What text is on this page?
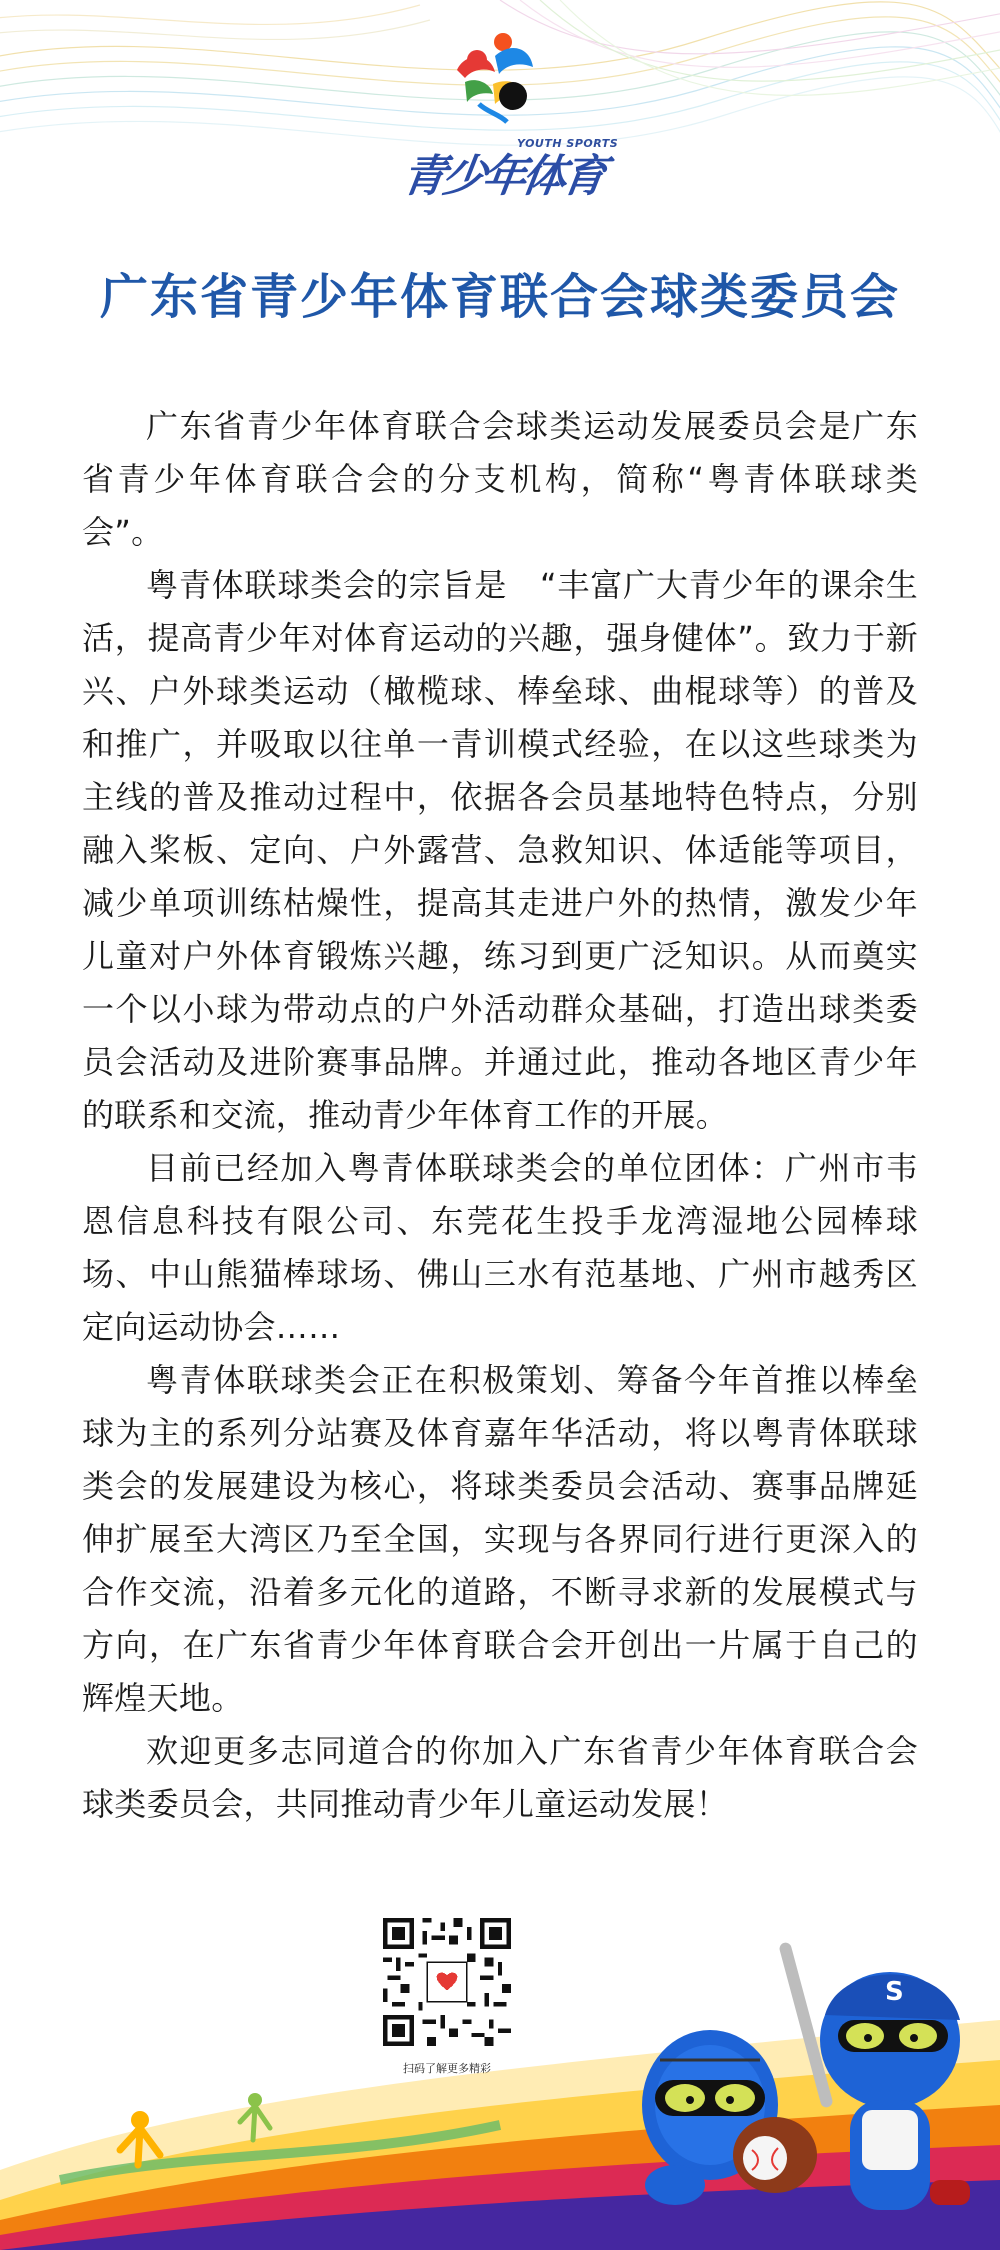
YOUTH SPORTS
青少年体育
广东省青少年体育联合会球类委员会

广东省青少年体育联合会球类运动发展委员会是广东省青少年体育联合会的分支机构，简称“粤青体联球类会”。

粤青体联球类会的宗旨是　“丰富广大青少年的课余生活，提高青少年对体育运动的兴趣，强身健体”。致力于新兴、户外球类运动（橄榄球、棒垒球、曲棍球等）的普及和推广，并吸取以往单一青训模式经验，在以这些球类为主线的普及推动过程中，依据各会员基地特色特点，分别融入桨板、定向、户外露营、急救知识、体适能等项目，减少单项训练枯燥性，提高其走进户外的热情，激发少年儿童对户外体育锻炼兴趣，练习到更广泛知识。从而奠实一个以小球为带动点的户外活动群众基础，打造出球类委员会活动及进阶赛事品牌。并通过此，推动各地区青少年的联系和交流，推动青少年体育工作的开展。

目前已经加入粤青体联球类会的单位团体：广州市韦恩信息科技有限公司、东莞花生投手龙湾湿地公园棒球场、中山熊猫棒球场、佛山三水有范基地、广州市越秀区定向运动协会……

粤青体联球类会正在积极策划、筹备今年首推以棒垒球为主的系列分站赛及体育嘉年华活动，将以粤青体联球类会的发展建设为核心，将球类委员会活动、赛事品牌延伸扩展至大湾区乃至全国，实现与各界同行进行更深入的合作交流，沿着多元化的道路，不断寻求新的发展模式与方向，在广东省青少年体育联合会开创出一片属于自己的辉煌天地。

欢迎更多志同道合的你加入广东省青少年体育联合会球类委员会，共同推动青少年儿童运动发展！

扫码了解更多精彩
S
